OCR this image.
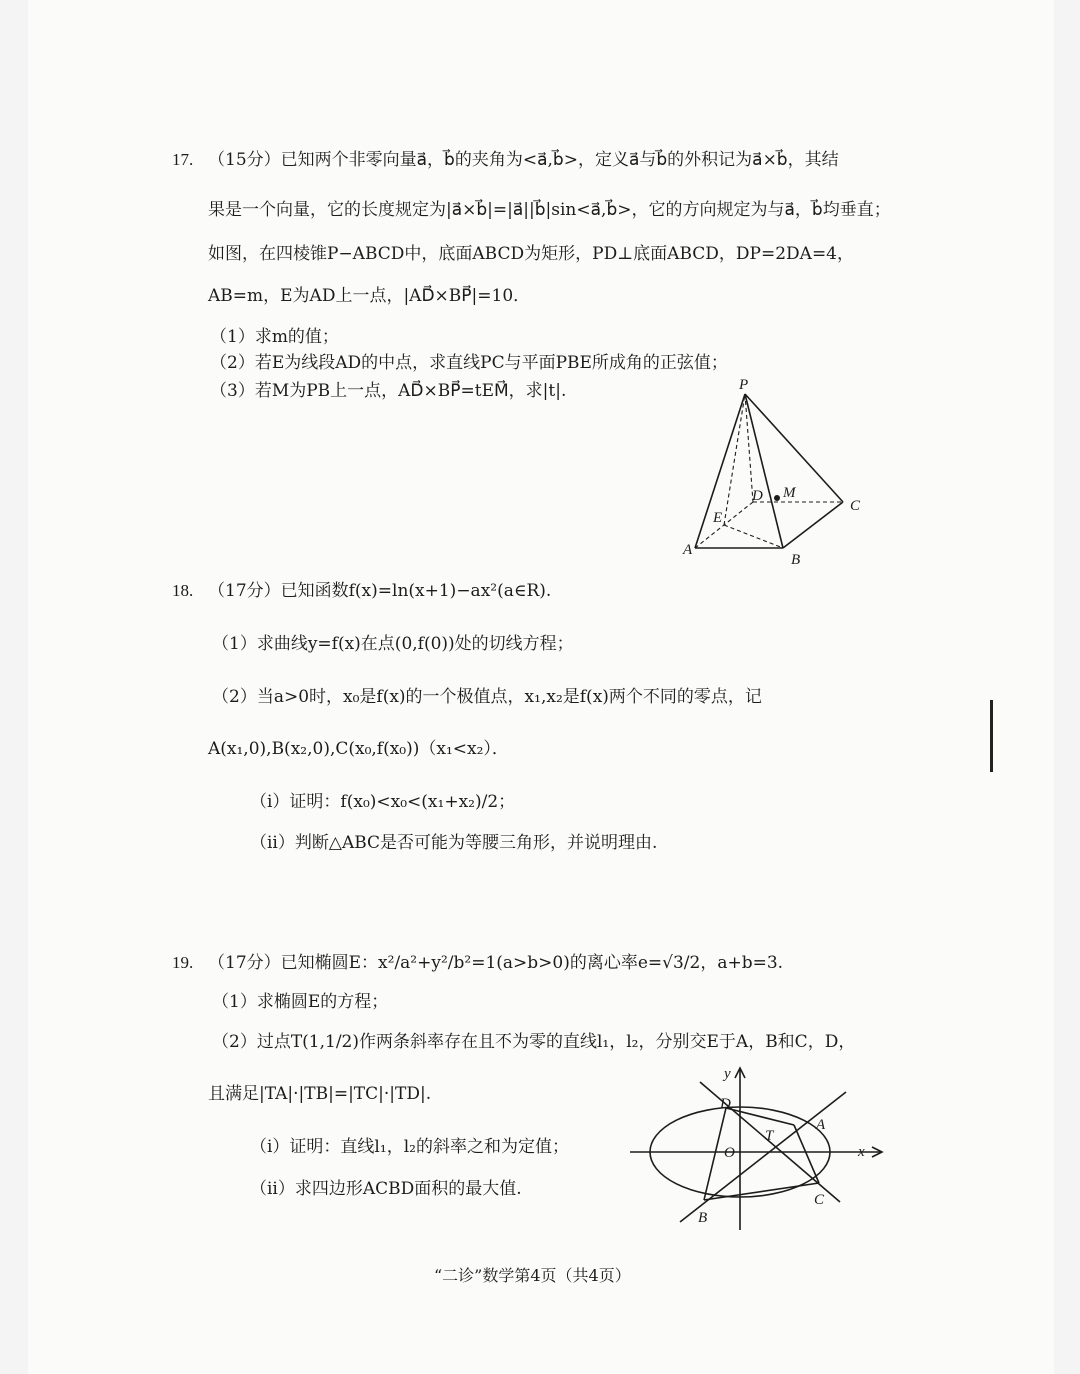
17. （15分）已知两个非零向量a⃗，b⃗的夹角为<a⃗,b⃗>，定义a⃗与b⃗的外积记为a⃗×b⃗，其结
果是一个向量，它的长度规定为|a⃗×b⃗|=|a⃗||b⃗|sin<a⃗,b⃗>，它的方向规定为与a⃗，b⃗均垂直；
如图，在四棱锥P−ABCD中，底面ABCD为矩形，PD⊥底面ABCD，DP=2DA=4，
AB=m，E为AD上一点，|AD⃗×BP⃗|=10．
（1）求m的值；
（2）若E为线段AD的中点，求直线PC与平面PBE所成角的正弦值；
（3）若M为PB上一点，AD⃗×BP⃗=tEM⃗，求|t|.	P
D M
C
E
A
B
18. （17分）已知函数f(x)=ln(x+1)−ax²(a∈R).
（1）求曲线y=f(x)在点(0,f(0))处的切线方程；
（2）当a>0时，x₀是f(x)的一个极值点，x₁,x₂是f(x)两个不同的零点，记
A(x₁,0),B(x₂,0),C(x₀,f(x₀))（x₁<x₂）．
（i）证明：f(x₀)<x₀<(x₁+x₂)/2；
（ii）判断△ABC是否可能为等腰三角形，并说明理由.
19. （17分）已知椭圆E：x²/a²+y²/b²=1(a>b>0)的离心率e=√3/2，a+b=3.
（1）求椭圆E的方程；
（2）过点T(1,1/2)作两条斜率存在且不为零的直线l₁，l₂，分别交E于A，B和C，D，
且满足|TA|·|TB|=|TC|·|TD|.
（i）证明：直线l₁，l₂的斜率之和为定值；
（ii）求四边形ACBD面积的最大值.
y
x
O
D
T
A
C
B
“二诊”数学第4页（共4页）
